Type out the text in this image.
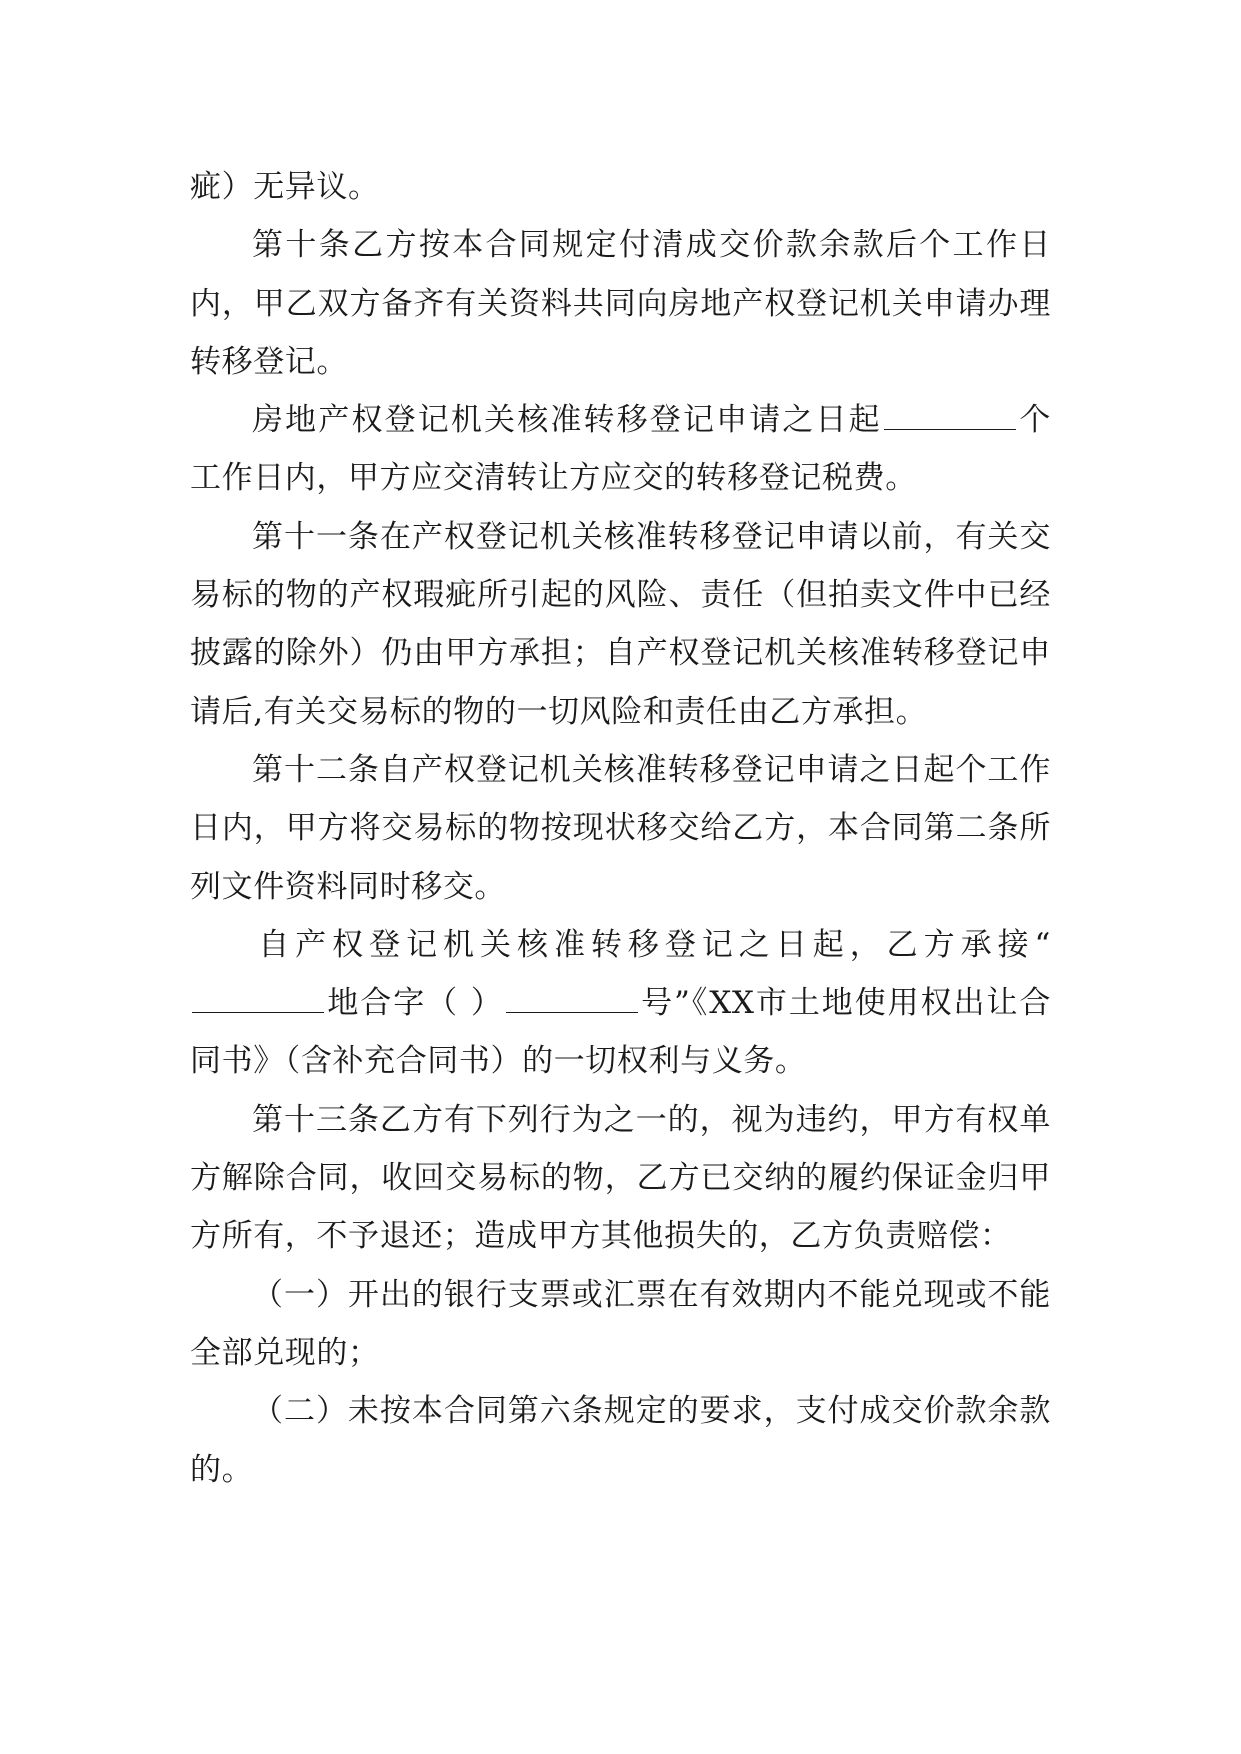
疵）无异议。

第十条乙方按本合同规定付清成交价款余款后个工作日内，甲乙双方备齐有关资料共同向房地产权登记机关申请办理转移登记。

房地产权登记机关核准转移登记申请之日起	个工作日内，甲方应交清转让方应交的转移登记税费。

第十一条在产权登记机关核准转移登记申请以前，有关交易标的物的产权瑕疵所引起的风险、责任（但拍卖文件中已经披露的除外）仍由甲方承担；自产权登记机关核准转移登记申请后,有关交易标的物的一切风险和责任由乙方承担。

第十二条自产权登记机关核准转移登记申请之日起个工作日内，甲方将交易标的物按现状移交给乙方，本合同第二条所列文件资料同时移交。

自产权登记机关核准转移登记之日起，乙方承接“地合字（ ）	号”《XX市土地使用权出让合同书》（含补充合同书）的一切权利与义务。

第十三条乙方有下列行为之一的，视为违约，甲方有权单方解除合同，收回交易标的物，乙方已交纳的履约保证金归甲方所有，不予退还；造成甲方其他损失的，乙方负责赔偿：

（一）开出的银行支票或汇票在有效期内不能兑现或不能全部兑现的；

（二）未按本合同第六条规定的要求，支付成交价款余款的。
